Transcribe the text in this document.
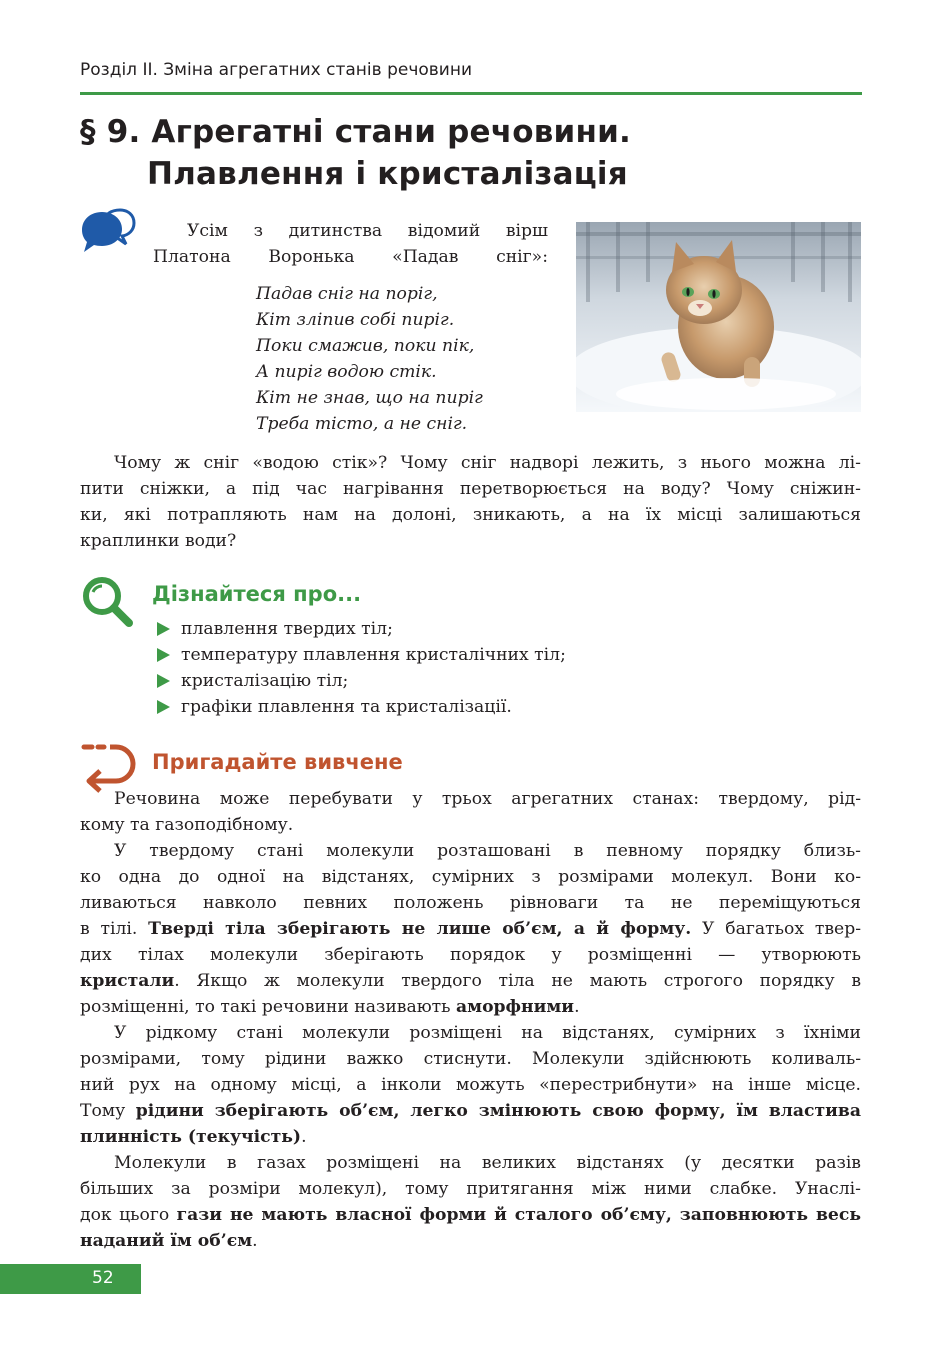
Розділ II. Зміна агрегатних станів речовини
§ 9. Агрегатні стани речовини.
Плавлення і кристалізація
Усім з дитинства відомий вірш
Платона Воронька «Падав сніг»:
Падав сніг на поріг,
Кіт зліпив собі пиріг.
Поки смажив, поки пік,
А пиріг водою стік.
Кіт не знав, що на пиріг
Треба тісто, а не сніг.
Чому ж сніг «водою стік»? Чому сніг надворі лежить, з нього можна лі-
пити сніжки, а під час нагрівання перетворюється на воду? Чому сніжин-
ки, які потрапляють нам на долоні, зникають, а на їх місці залишаються
краплинки води?
Дізнайтеся про...
плавлення твердих тіл;
температуру плавлення кристалічних тіл;
кристалізацію тіл;
графіки плавлення та кристалізації.
Пригадайте вивчене
Речовина може перебувати у трьох агрегатних станах: твердому, рід-
кому та газоподібному.
У твердому стані молекули розташовані в певному порядку близь-
ко одна до одної на відстанях, сумірних з розмірами молекул. Вони ко-
ливаються навколо певних положень рівноваги та не переміщуються
в тілі. Тверді тіла зберігають не лише об’єм, а й форму. У багатьох твер-
дих тілах молекули зберігають порядок у розміщенні — утворюють
кристали. Якщо ж молекули твердого тіла не мають строгого порядку в
розміщенні, то такі речовини називають аморфними.
У рідкому стані молекули розміщені на відстанях, сумірних з їхніми
розмірами, тому рідини важко стиснути. Молекули здійснюють коливаль-
ний рух на одному місці, а інколи можуть «перестрибнути» на інше місце.
Тому рідини зберігають об’єм, легко змінюють свою форму, їм властива
плинність (текучість).
Молекули в газах розміщені на великих відстанях (у десятки разів
більших за розміри молекул), тому притягання між ними слабке. Унаслі-
док цього гази не мають власної форми й сталого об’єму, заповнюють весь
наданий їм об’єм.
52
